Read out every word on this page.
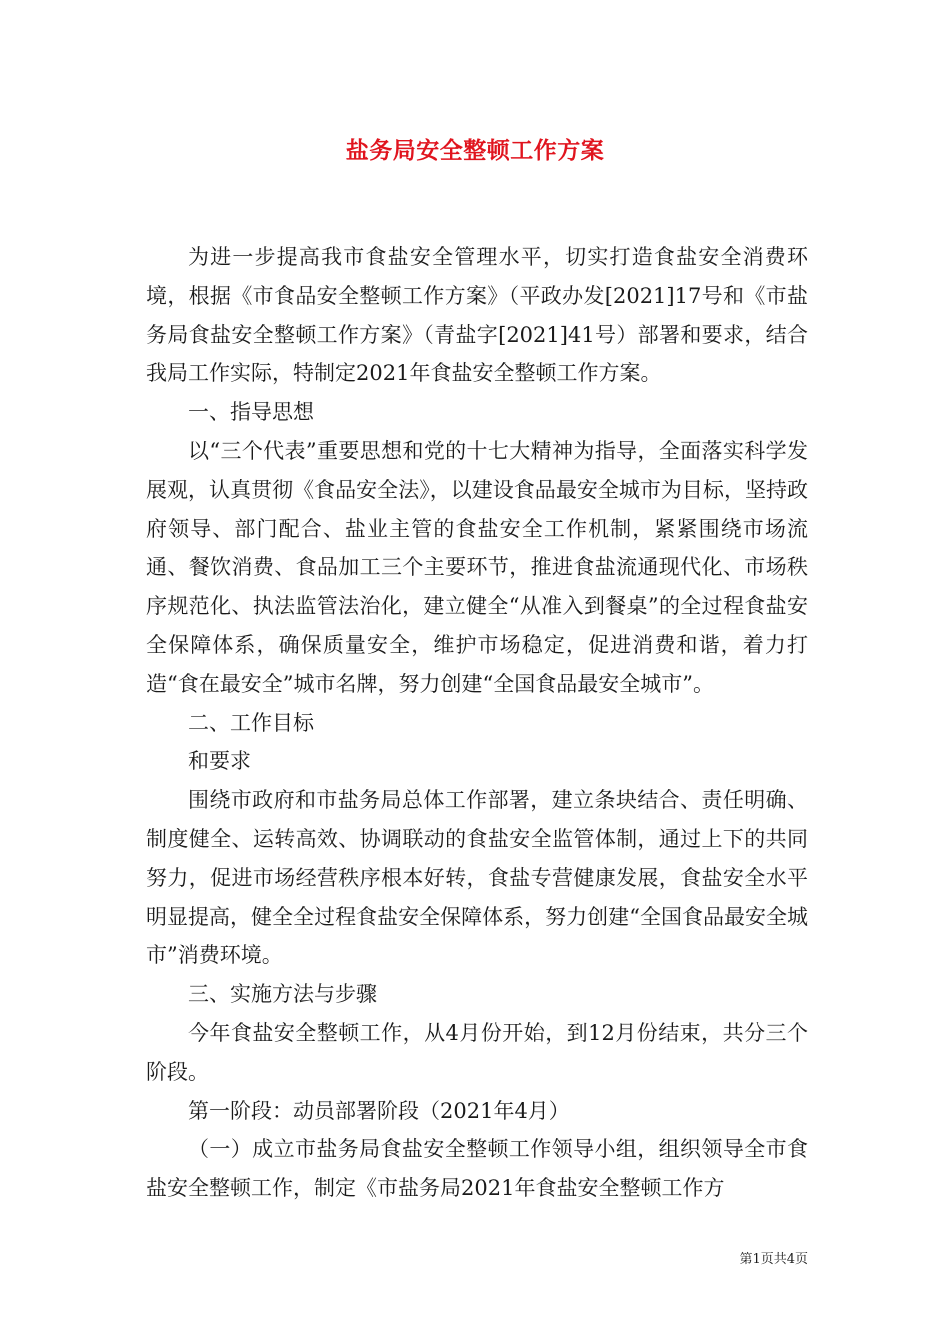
盐务局安全整顿工作方案

为进一步提高我市食盐安全管理水平，切实打造食盐安全消费环境，根据《市食品安全整顿工作方案》（平政办发[2021]17号和《市盐务局食盐安全整顿工作方案》（青盐字[2021]41号）部署和要求，结合我局工作实际，特制定2021年食盐安全整顿工作方案。

一、指导思想

以“三个代表”重要思想和党的十七大精神为指导，全面落实科学发展观，认真贯彻《食品安全法》，以建设食品最安全城市为目标，坚持政府领导、部门配合、盐业主管的食盐安全工作机制，紧紧围绕市场流通、餐饮消费、食品加工三个主要环节，推进食盐流通现代化、市场秩序规范化、执法监管法治化，建立健全“从准入到餐桌”的全过程食盐安全保障体系，确保质量安全，维护市场稳定，促进消费和谐，着力打造“食在最安全”城市名牌，努力创建“全国食品最安全城市”。

二、工作目标

和要求

围绕市政府和市盐务局总体工作部署，建立条块结合、责任明确、制度健全、运转高效、协调联动的食盐安全监管体制，通过上下的共同努力，促进市场经营秩序根本好转，食盐专营健康发展，食盐安全水平明显提高，健全全过程食盐安全保障体系，努力创建“全国食品最安全城市”消费环境。

三、实施方法与步骤

今年食盐安全整顿工作，从4月份开始，到12月份结束，共分三个阶段。

第一阶段：动员部署阶段（2021年4月）

（一）成立市盐务局食盐安全整顿工作领导小组，组织领导全市食盐安全整顿工作，制定《市盐务局2021年食盐安全整顿工作方

第1页共4页
